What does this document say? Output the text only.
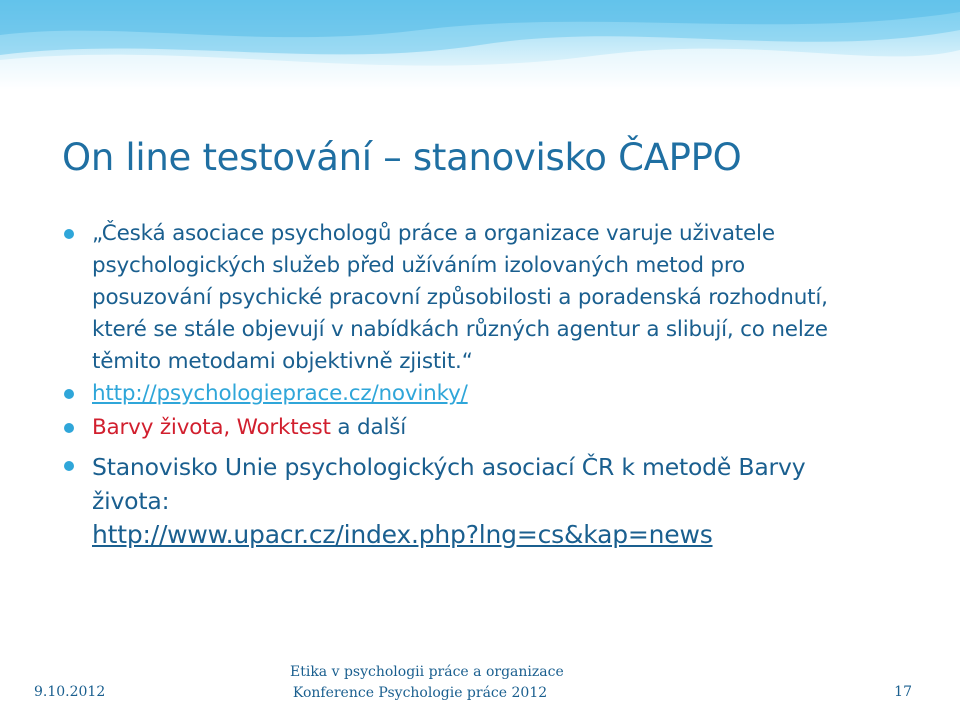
On line testování – stanovisko ČAPPO
„Česká asociace psychologů práce a organizace varuje uživatele psychologických služeb před užíváním izolovaných metod pro posuzování psychické pracovní způsobilosti a poradenská rozhodnutí, které se stále objevují v nabídkách různých agentur a slibují, co nelze těmito metodami objektivně zjistit.“
http://psychologieprace.cz/novinky/
Barvy života, Worktest a další
Stanovisko Unie psychologických asociací ČR k metodě Barvy života:
http://www.upacr.cz/index.php?lng=cs&kap=news
9.10.2012
Etika v psychologii práce a organizace
Konference Psychologie práce 2012	17
